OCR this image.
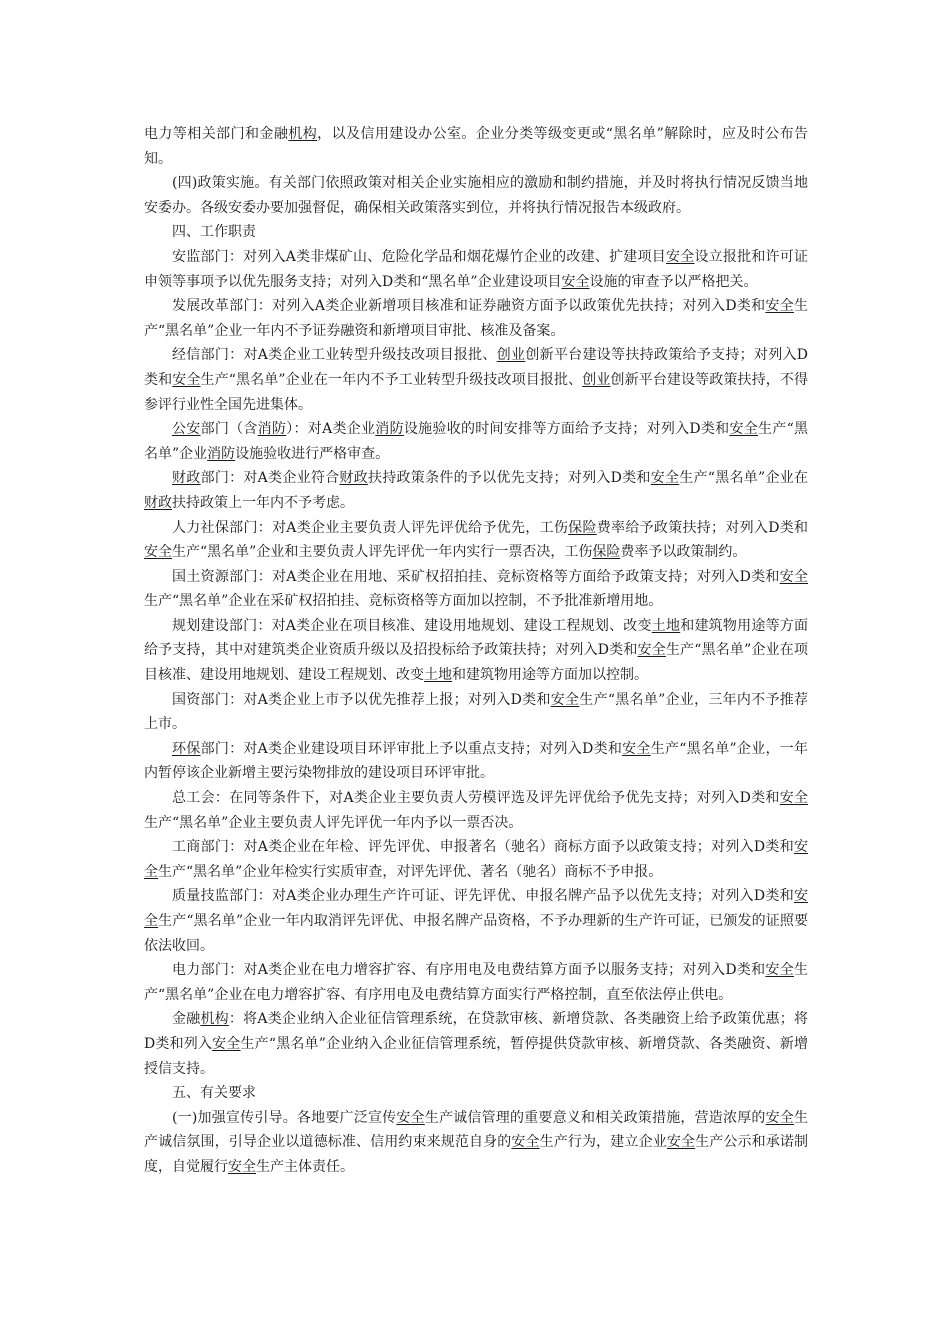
电力等相关部门和金融机构，以及信用建设办公室。企业分类等级变更或“黑名单”解除时，应及时公布告知。

(四)政策实施。有关部门依照政策对相关企业实施相应的激励和制约措施，并及时将执行情况反馈当地安委办。各级安委办要加强督促，确保相关政策落实到位，并将执行情况报告本级政府。

四、工作职责

安监部门：对列入A类非煤矿山、危险化学品和烟花爆竹企业的改建、扩建项目安全设立报批和许可证申领等事项予以优先服务支持；对列入D类和“黑名单”企业建设项目安全设施的审查予以严格把关。

发展改革部门：对列入A类企业新增项目核准和证券融资方面予以政策优先扶持；对列入D类和安全生产“黑名单”企业一年内不予证券融资和新增项目审批、核准及备案。

经信部门：对A类企业工业转型升级技改项目报批、创业创新平台建设等扶持政策给予支持；对列入D类和安全生产“黑名单”企业在一年内不予工业转型升级技改项目报批、创业创新平台建设等政策扶持，不得参评行业性全国先进集体。

公安部门（含消防）：对A类企业消防设施验收的时间安排等方面给予支持；对列入D类和安全生产“黑名单”企业消防设施验收进行严格审查。

财政部门：对A类企业符合财政扶持政策条件的予以优先支持；对列入D类和安全生产“黑名单”企业在财政扶持政策上一年内不予考虑。

人力社保部门：对A类企业主要负责人评先评优给予优先，工伤保险费率给予政策扶持；对列入D类和安全生产“黑名单”企业和主要负责人评先评优一年内实行一票否决，工伤保险费率予以政策制约。

国土资源部门：对A类企业在用地、采矿权招拍挂、竞标资格等方面给予政策支持；对列入D类和安全生产“黑名单”企业在采矿权招拍挂、竞标资格等方面加以控制，不予批准新增用地。

规划建设部门：对A类企业在项目核准、建设用地规划、建设工程规划、改变土地和建筑物用途等方面给予支持，其中对建筑类企业资质升级以及招投标给予政策扶持；对列入D类和安全生产“黑名单”企业在项目核准、建设用地规划、建设工程规划、改变土地和建筑物用途等方面加以控制。

国资部门：对A类企业上市予以优先推荐上报；对列入D类和安全生产“黑名单”企业，三年内不予推荐上市。

环保部门：对A类企业建设项目环评审批上予以重点支持；对列入D类和安全生产“黑名单”企业，一年内暂停该企业新增主要污染物排放的建设项目环评审批。

总工会：在同等条件下，对A类企业主要负责人劳模评选及评先评优给予优先支持；对列入D类和安全生产“黑名单”企业主要负责人评先评优一年内予以一票否决。

工商部门：对A类企业在年检、评先评优、申报著名（驰名）商标方面予以政策支持；对列入D类和安全生产“黑名单”企业年检实行实质审查，对评先评优、著名（驰名）商标不予申报。

质量技监部门：对A类企业办理生产许可证、评先评优、申报名牌产品予以优先支持；对列入D类和安全生产“黑名单”企业一年内取消评先评优、申报名牌产品资格，不予办理新的生产许可证，已颁发的证照要依法收回。

电力部门：对A类企业在电力增容扩容、有序用电及电费结算方面予以服务支持；对列入D类和安全生产“黑名单”企业在电力增容扩容、有序用电及电费结算方面实行严格控制，直至依法停止供电。

金融机构：将A类企业纳入企业征信管理系统，在贷款审核、新增贷款、各类融资上给予政策优惠；将D类和列入安全生产“黑名单”企业纳入企业征信管理系统，暂停提供贷款审核、新增贷款、各类融资、新增授信支持。

五、有关要求

(一)加强宣传引导。各地要广泛宣传安全生产诚信管理的重要意义和相关政策措施，营造浓厚的安全生产诚信氛围，引导企业以道德标准、信用约束来规范自身的安全生产行为，建立企业安全生产公示和承诺制度，自觉履行安全生产主体责任。
